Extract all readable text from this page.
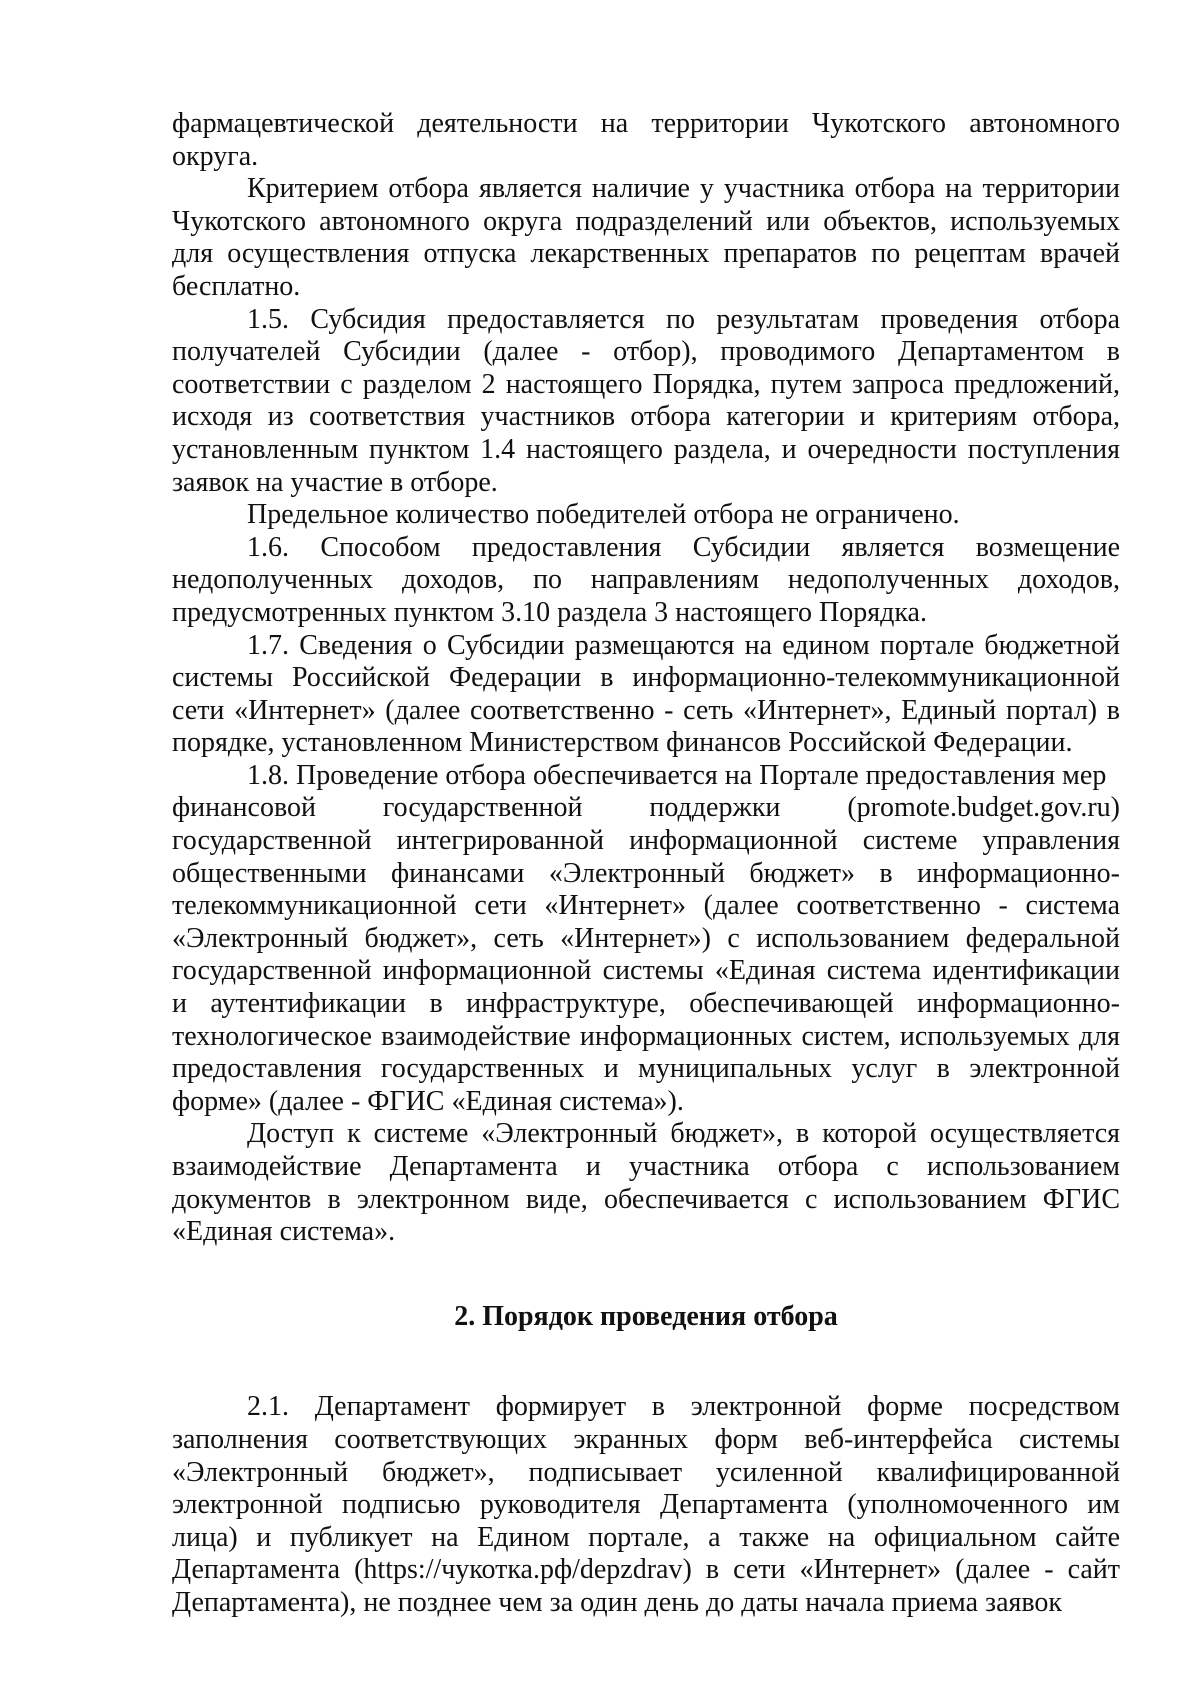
фармацевтической деятельности на территории Чукотского автономного округа.

Критерием отбора является наличие у участника отбора на территории Чукотского автономного округа подразделений или объектов, используемых для осуществления отпуска лекарственных препаратов по рецептам врачей бесплатно.

1.5. Субсидия предоставляется по результатам проведения отбора получателей Субсидии (далее - отбор), проводимого Департаментом в соответствии с разделом 2 настоящего Порядка, путем запроса предложений, исходя из соответствия участников отбора категории и критериям отбора, установленным пунктом 1.4 настоящего раздела, и очередности поступления заявок на участие в отборе.

Предельное количество победителей отбора не ограничено.

1.6. Способом предоставления Субсидии является возмещение недополученных доходов, по направлениям недополученных доходов, предусмотренных пунктом 3.10 раздела 3 настоящего Порядка.

1.7. Сведения о Субсидии размещаются на едином портале бюджетной системы Российской Федерации в информационно-телекоммуникационной сети «Интернет» (далее соответственно - сеть «Интернет», Единый портал) в порядке, установленном Министерством финансов Российской Федерации.

1.8. Проведение отбора обеспечивается на Портале предоставления мер

финансовой государственной поддержки (promote.budget.gov.ru)

государственной интегрированной информационной системе управления общественными финансами «Электронный бюджет» в информационно-телекоммуникационной сети «Интернет» (далее соответственно - система «Электронный бюджет», сеть «Интернет») с использованием федеральной государственной информационной системы «Единая система идентификации и аутентификации в инфраструктуре, обеспечивающей информационно-технологическое взаимодействие информационных систем, используемых для предоставления государственных и муниципальных услуг в электронной форме» (далее - ФГИС «Единая система»).

Доступ к системе «Электронный бюджет», в которой осуществляется взаимодействие Департамента и участника отбора с использованием документов в электронном виде, обеспечивается с использованием ФГИС «Единая система».

2. Порядок проведения отбора

2.1. Департамент формирует в электронной форме посредством заполнения соответствующих экранных форм веб-интерфейса системы «Электронный бюджет», подписывает усиленной квалифицированной электронной подписью руководителя Департамента (уполномоченного им лица) и публикует на Едином портале, а также на официальном сайте Департамента (https://чукотка.рф/depzdrav) в сети «Интернет» (далее - сайт Департамента), не позднее чем за один день до даты начала приема заявок
